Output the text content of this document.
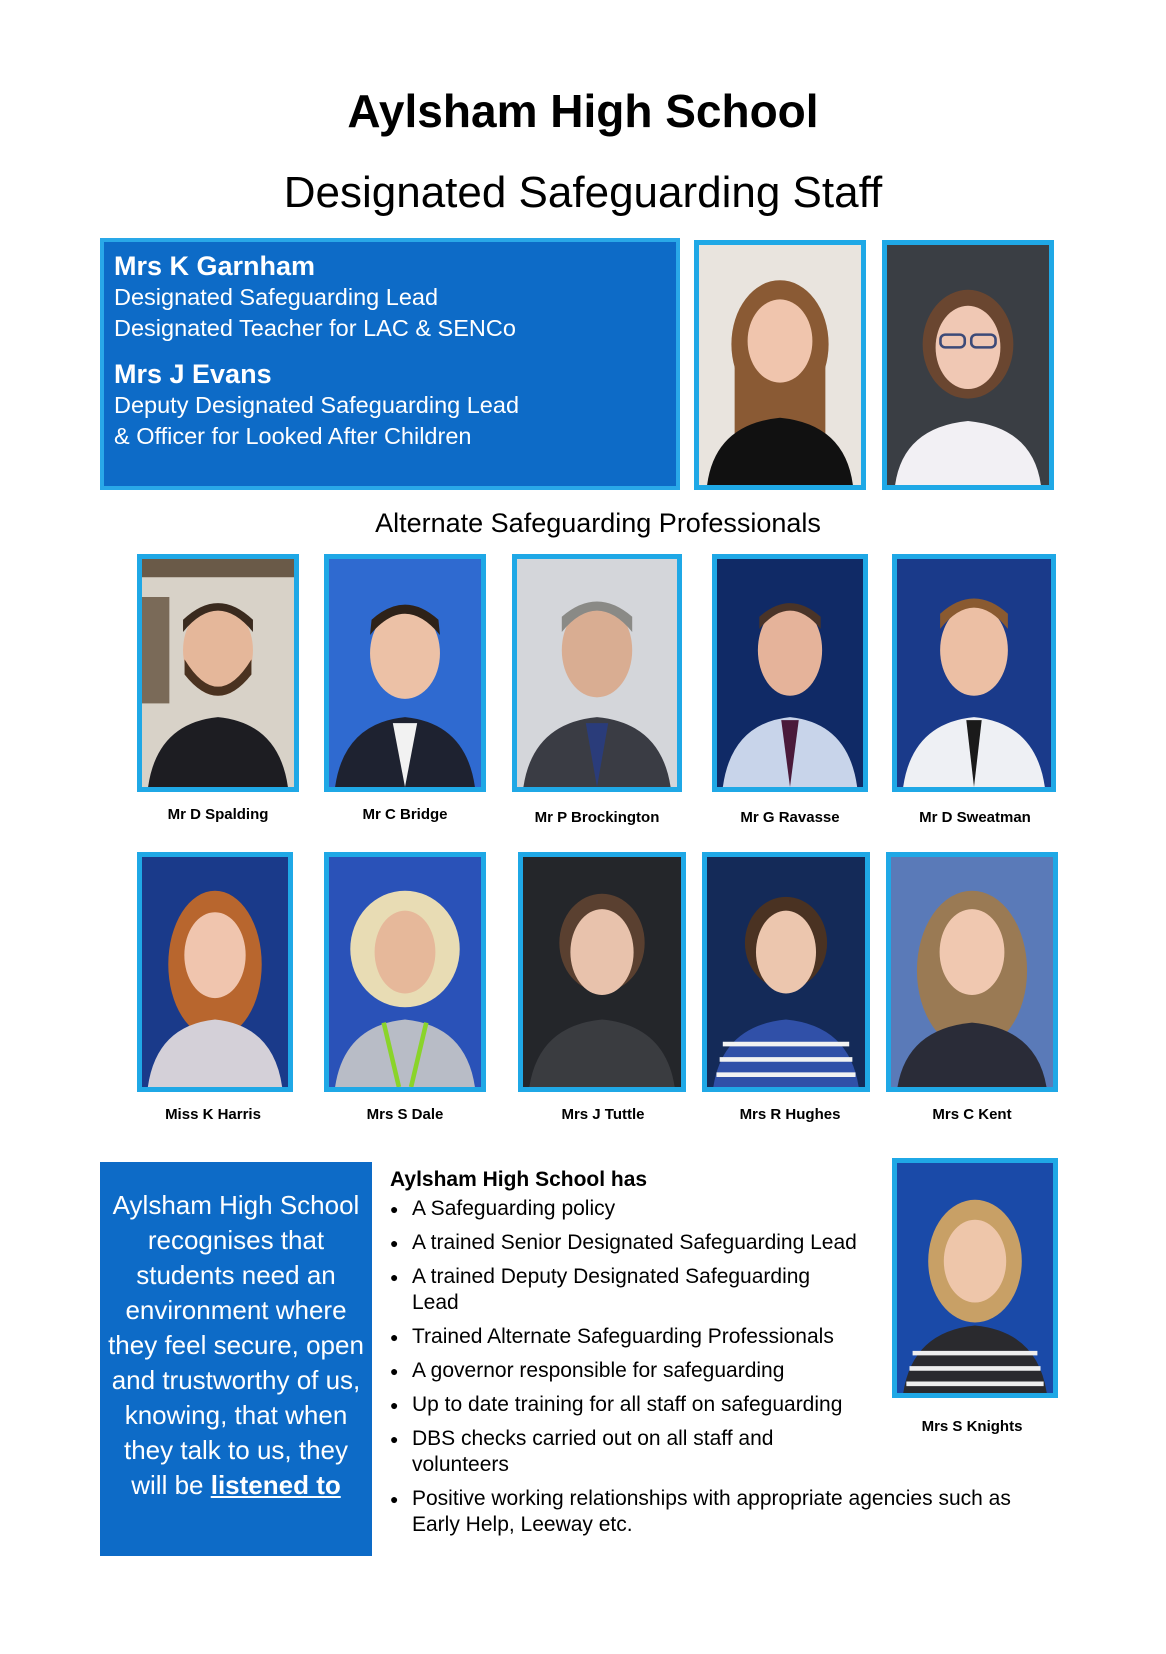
Aylsham High School
Designated Safeguarding Staff
Mrs K Garnham
Designated Safeguarding Lead
Designated Teacher for LAC & SENCo
Mrs J Evans
Deputy Designated Safeguarding Lead
& Officer for Looked After Children
Alternate Safeguarding Professionals
Mr D Spalding	Mr C Bridge	Mr P Brockington	Mr G Ravasse	Mr D Sweatman
Miss K Harris	Mrs S Dale	Mrs J Tuttle	Mrs R Hughes	Mrs C Kent
Aylsham High School recognises that students need an environment where they feel secure, open and trustworthy of us, knowing, that when they talk to us, they will be listened to
Aylsham High School has
● A Safeguarding policy
● A trained Senior Designated Safeguarding Lead
● A trained Deputy Designated Safeguarding Lead
● Trained Alternate Safeguarding Professionals
● A governor responsible for safeguarding
● Up to date training for all staff on safeguarding
● DBS checks carried out on all staff and volunteers
● Positive working relationships with appropriate agencies such as Early Help, Leeway etc.
Mrs S Knights
